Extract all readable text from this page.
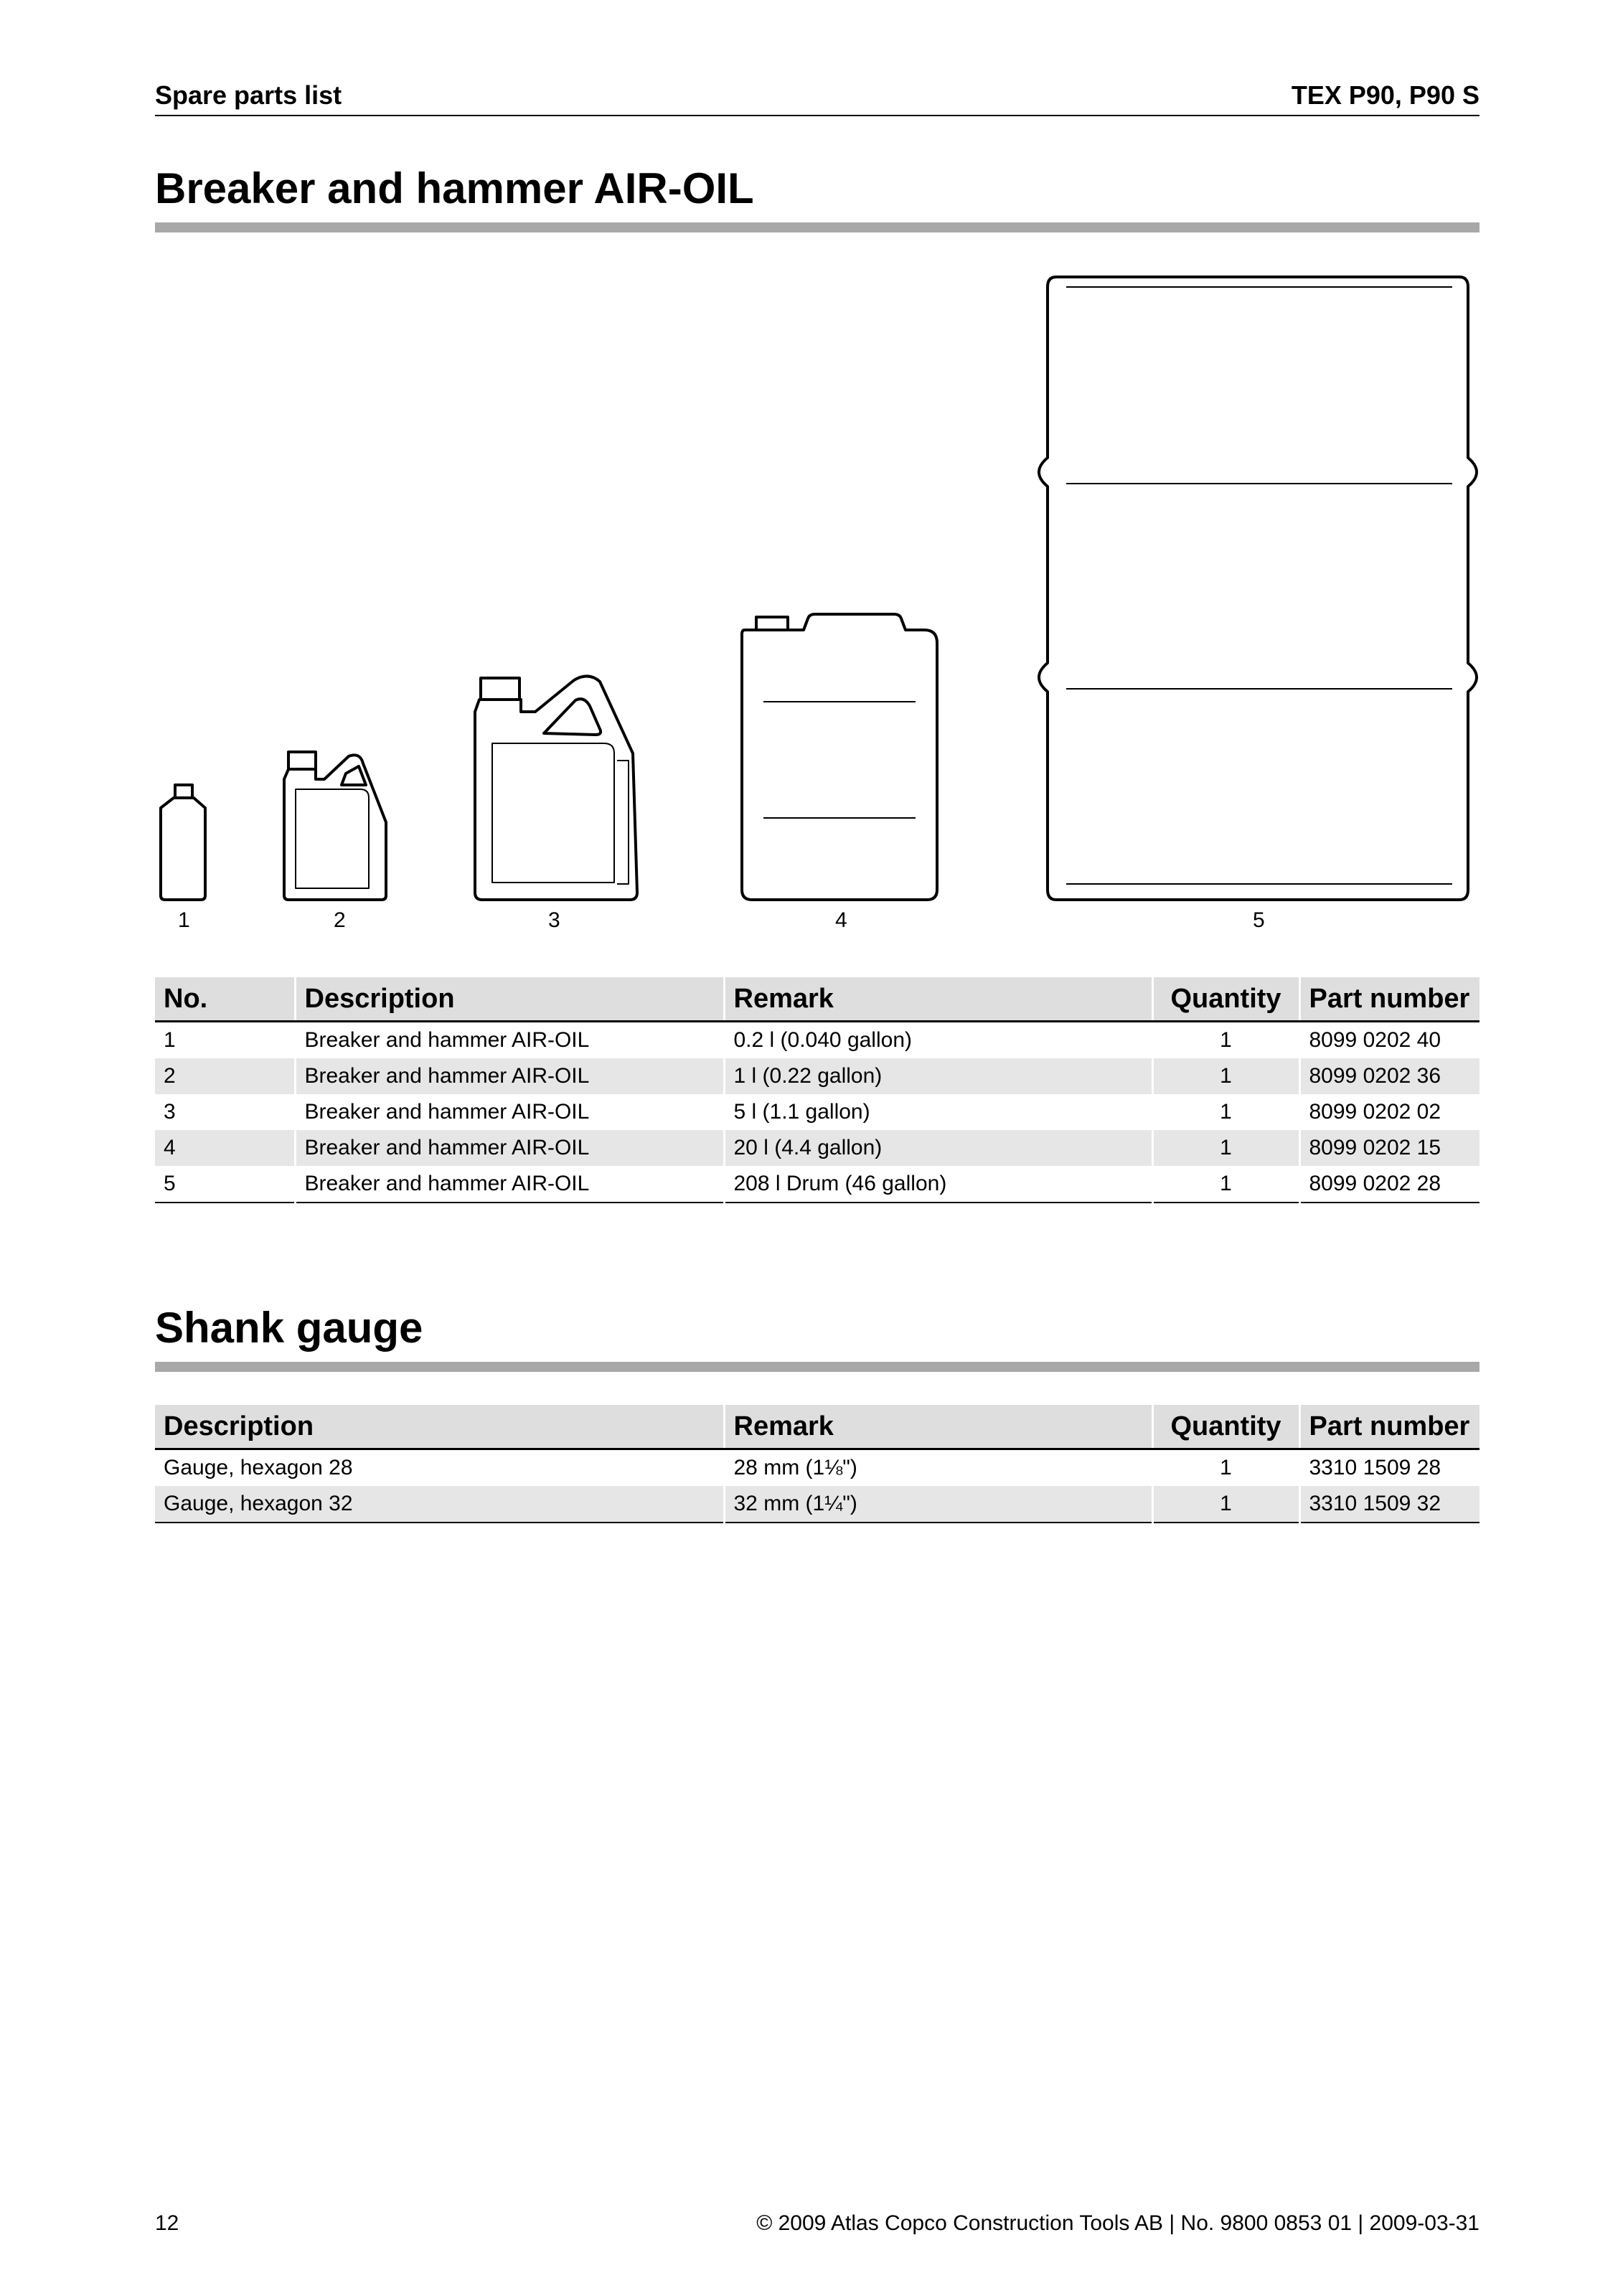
Spare parts list	TEX P90, P90 S
Breaker and hammer AIR-OIL
1	2	3	4	5
No.	Description	Remark	Quantity	Part number
1	Breaker and hammer AIR-OIL	0.2 l (0.040 gallon)	1	8099 0202 40
2	Breaker and hammer AIR-OIL	1 l (0.22 gallon)	1	8099 0202 36
3	Breaker and hammer AIR-OIL	5 l (1.1 gallon)	1	8099 0202 02
4	Breaker and hammer AIR-OIL	20 l (4.4 gallon)	1	8099 0202 15
5	Breaker and hammer AIR-OIL	208 l Drum (46 gallon)	1	8099 0202 28
Shank gauge
Description	Remark	Quantity	Part number
Gauge, hexagon 28	28 mm (1⅛")	1	3310 1509 28
Gauge, hexagon 32	32 mm (1¼")	1	3310 1509 32
12	© 2009 Atlas Copco Construction Tools AB | No. 9800 0853 01 | 2009-03-31
